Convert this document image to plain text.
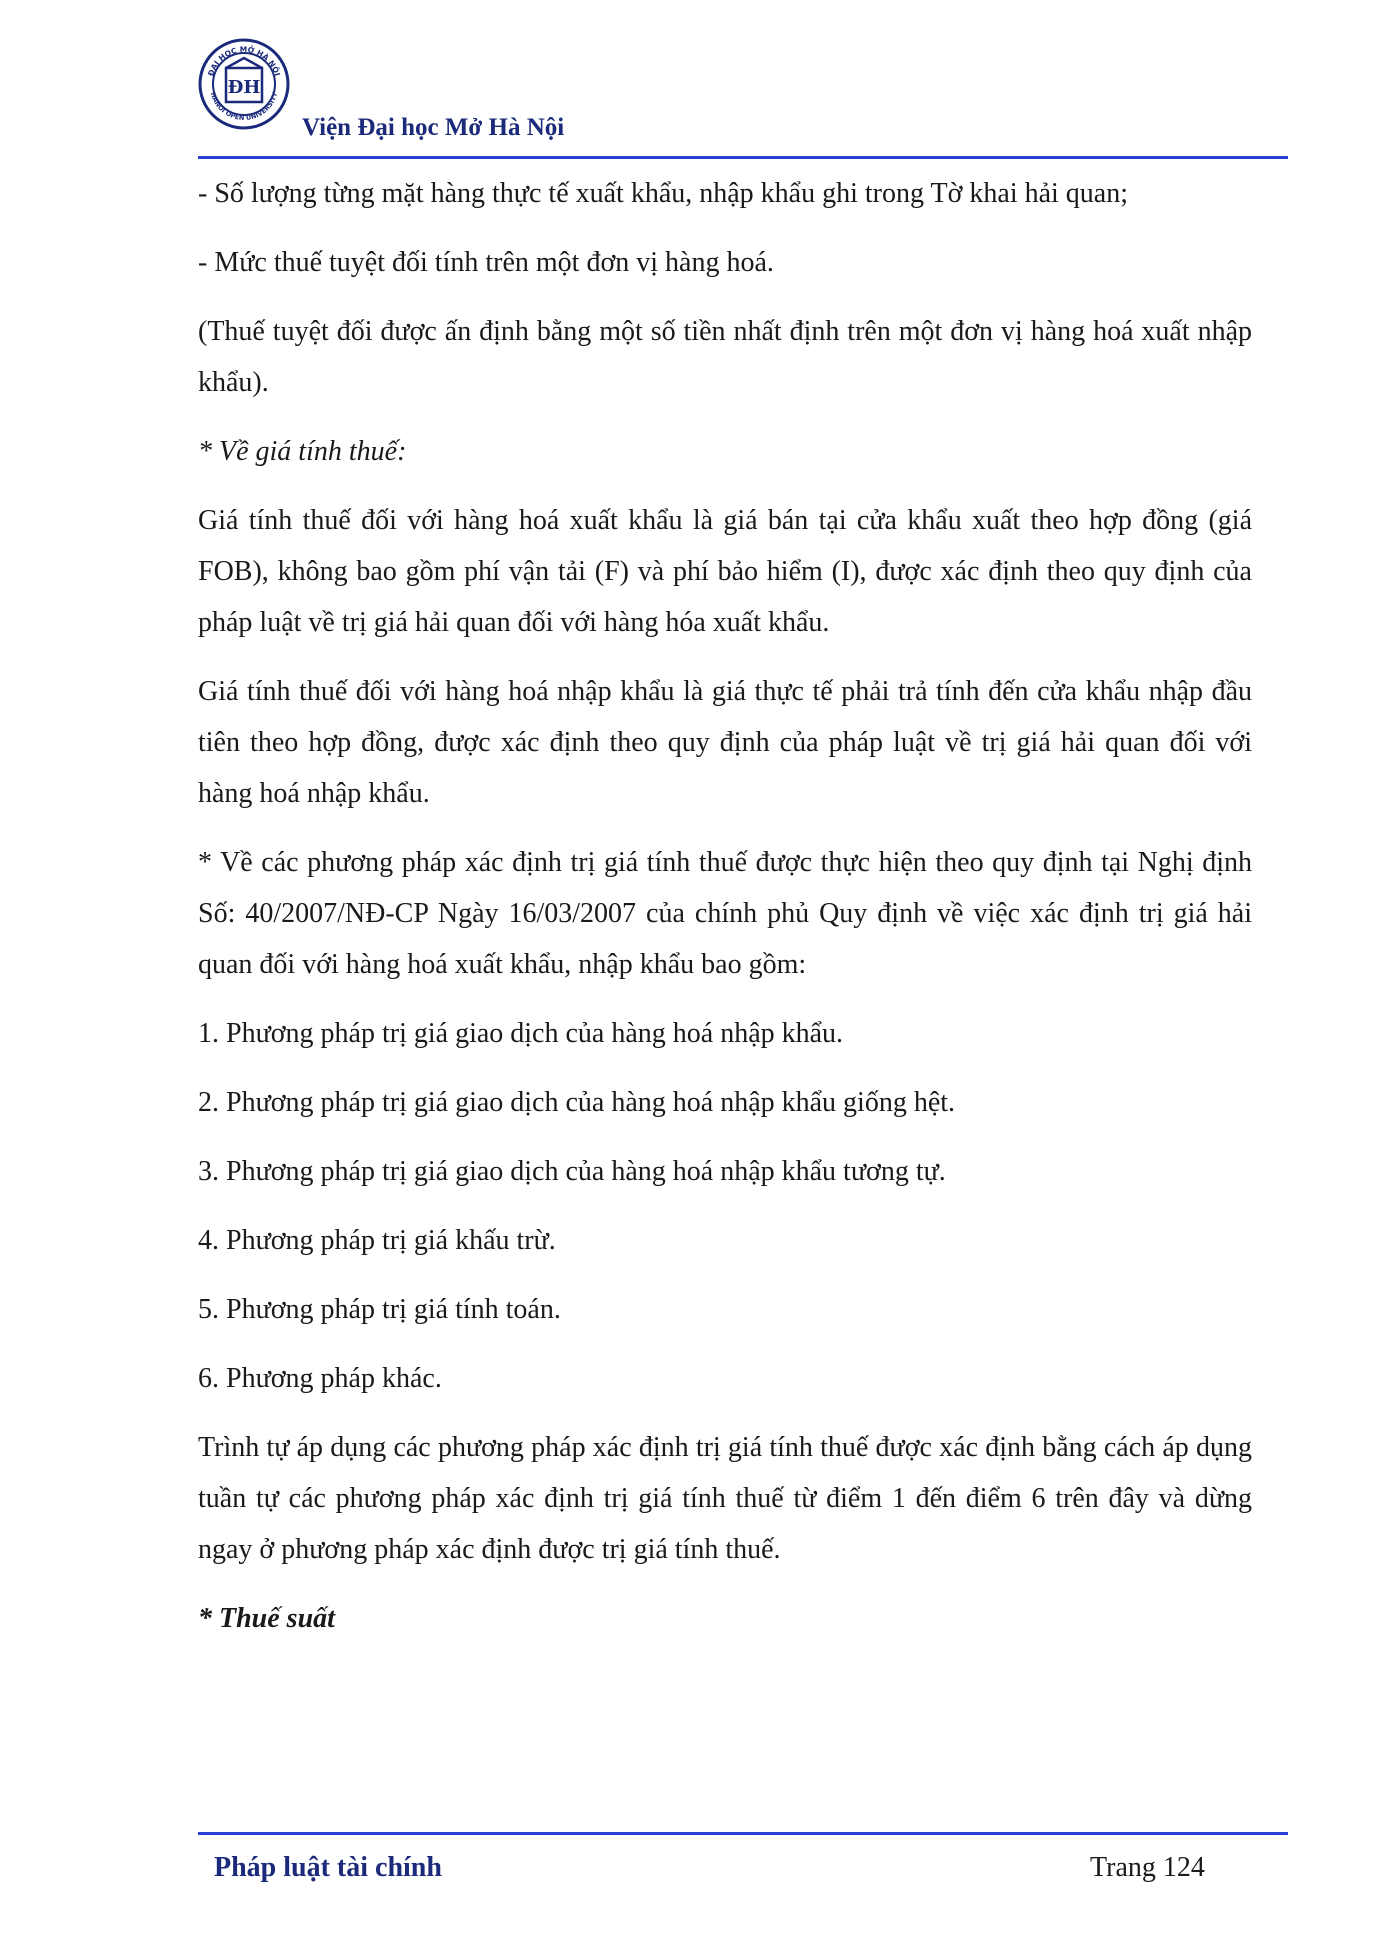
ĐẠI HỌC MỞ HÀ NỘI
HANOI OPEN UNIVERSITY
ĐH
Viện Đại học Mở Hà Nội

- Số lượng từng mặt hàng thực tế xuất khẩu, nhập khẩu ghi trong Tờ khai hải quan;

- Mức thuế tuyệt đối tính trên một đơn vị hàng hoá.

(Thuế tuyệt đối được ấn định bằng một số tiền nhất định trên một đơn vị hàng hoá xuất nhập khẩu).

* Về giá tính thuế:

Giá tính thuế đối với hàng hoá xuất khẩu là giá bán tại cửa khẩu xuất theo hợp đồng (giá FOB), không bao gồm phí vận tải (F) và phí bảo hiểm (I), được xác định theo quy định của pháp luật về trị giá hải quan đối với hàng hóa xuất khẩu.

Giá tính thuế đối với hàng hoá nhập khẩu là giá thực tế phải trả tính đến cửa khẩu nhập đầu tiên theo hợp đồng, được xác định theo quy định của pháp luật về trị giá hải quan đối với hàng hoá nhập khẩu.

* Về các phương pháp xác định trị giá tính thuế được thực hiện theo quy định tại Nghị định Số: 40/2007/NĐ-CP Ngày 16/03/2007 của chính phủ Quy định về việc xác định trị giá hải quan đối với hàng hoá xuất khẩu, nhập khẩu bao gồm:

1. Phương pháp trị giá giao dịch của hàng hoá nhập khẩu.

2. Phương pháp trị giá giao dịch của hàng hoá nhập khẩu giống hệt.

3. Phương pháp trị giá giao dịch của hàng hoá nhập khẩu tương tự.

4. Phương pháp trị giá khấu trừ.

5. Phương pháp trị giá tính toán.

6. Phương pháp khác.

Trình tự áp dụng các phương pháp xác định trị giá tính thuế được xác định bằng cách áp dụng tuần tự các phương pháp xác định trị giá tính thuế từ điểm 1 đến điểm 6 trên đây và dừng ngay ở phương pháp xác định được trị giá tính thuế.

* Thuế suất

Pháp luật tài chính	Trang 124
